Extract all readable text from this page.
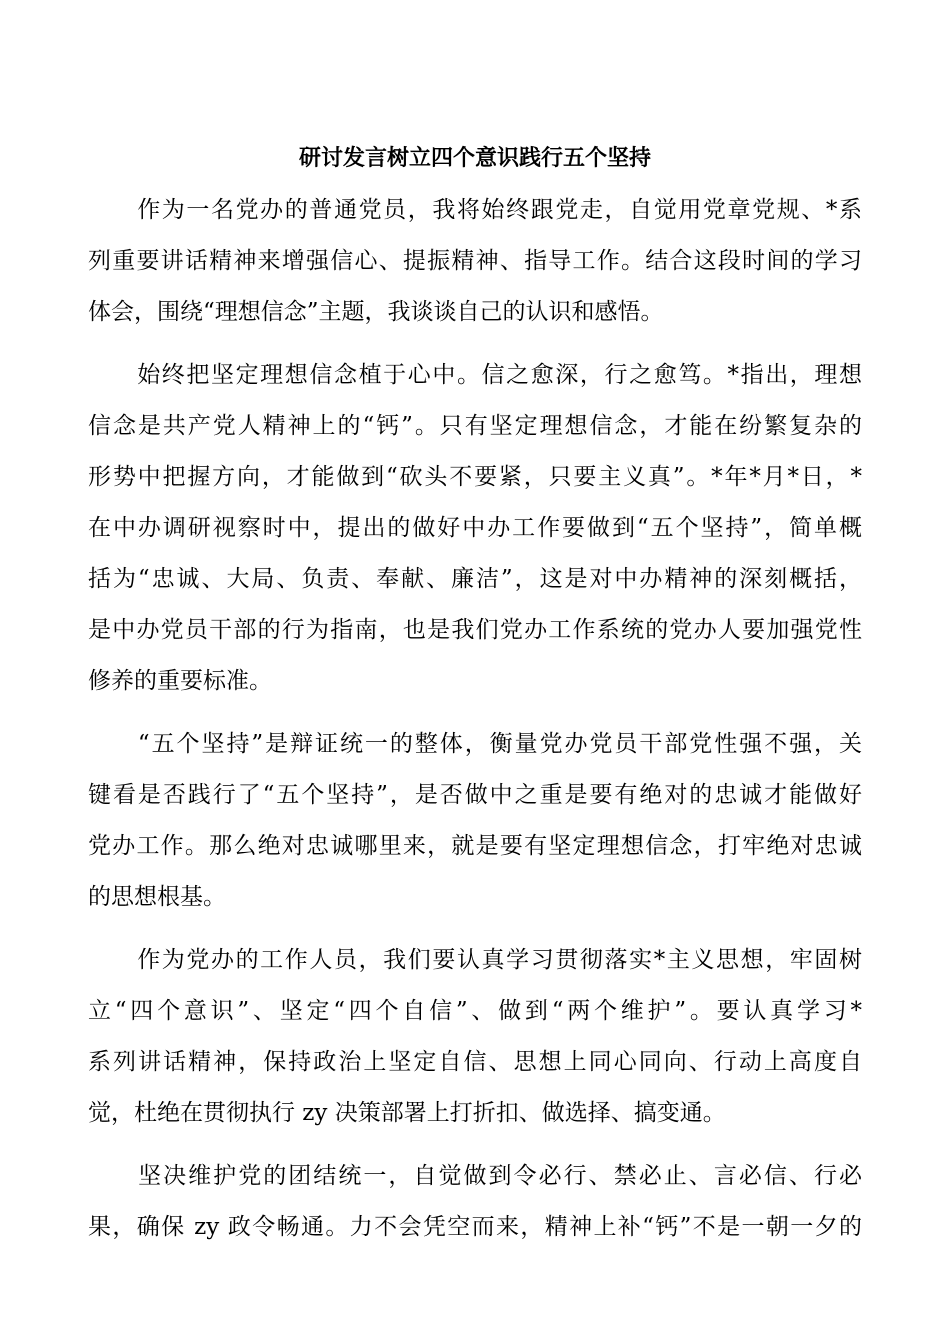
研讨发言树立四个意识践行五个坚持

　　作为一名党办的普通党员，我将始终跟党走，自觉用党章党规、*系
列重要讲话精神来增强信心、提振精神、指导工作。结合这段时间的学习
体会，围绕“理想信念”主题，我谈谈自己的认识和感悟。

　　始终把坚定理想信念植于心中。信之愈深，行之愈笃。*指出，理想
信念是共产党人精神上的“钙”。只有坚定理想信念，才能在纷繁复杂的
形势中把握方向，才能做到“砍头不要紧，只要主义真”。*年*月*日，*
在中办调研视察时中，提出的做好中办工作要做到“五个坚持”，简单概
括为“忠诚、大局、负责、奉献、廉洁”，这是对中办精神的深刻概括，
是中办党员干部的行为指南，也是我们党办工作系统的党办人要加强党性
修养的重要标准。

　　“五个坚持”是辩证统一的整体，衡量党办党员干部党性强不强，关
键看是否践行了“五个坚持”，是否做中之重是要有绝对的忠诚才能做好
党办工作。那么绝对忠诚哪里来，就是要有坚定理想信念，打牢绝对忠诚
的思想根基。

　　作为党办的工作人员，我们要认真学习贯彻落实*主义思想，牢固树
立“四个意识”、坚定“四个自信”、做到“两个维护”。要认真学习*
系列讲话精神，保持政治上坚定自信、思想上同心同向、行动上高度自
觉，杜绝在贯彻执行 zy 决策部署上打折扣、做选择、搞变通。

　　坚决维护党的团结统一，自觉做到令必行、禁必止、言必信、行必
果，确保 zy 政令畅通。力不会凭空而来，精神上补“钙”不是一朝一夕的
